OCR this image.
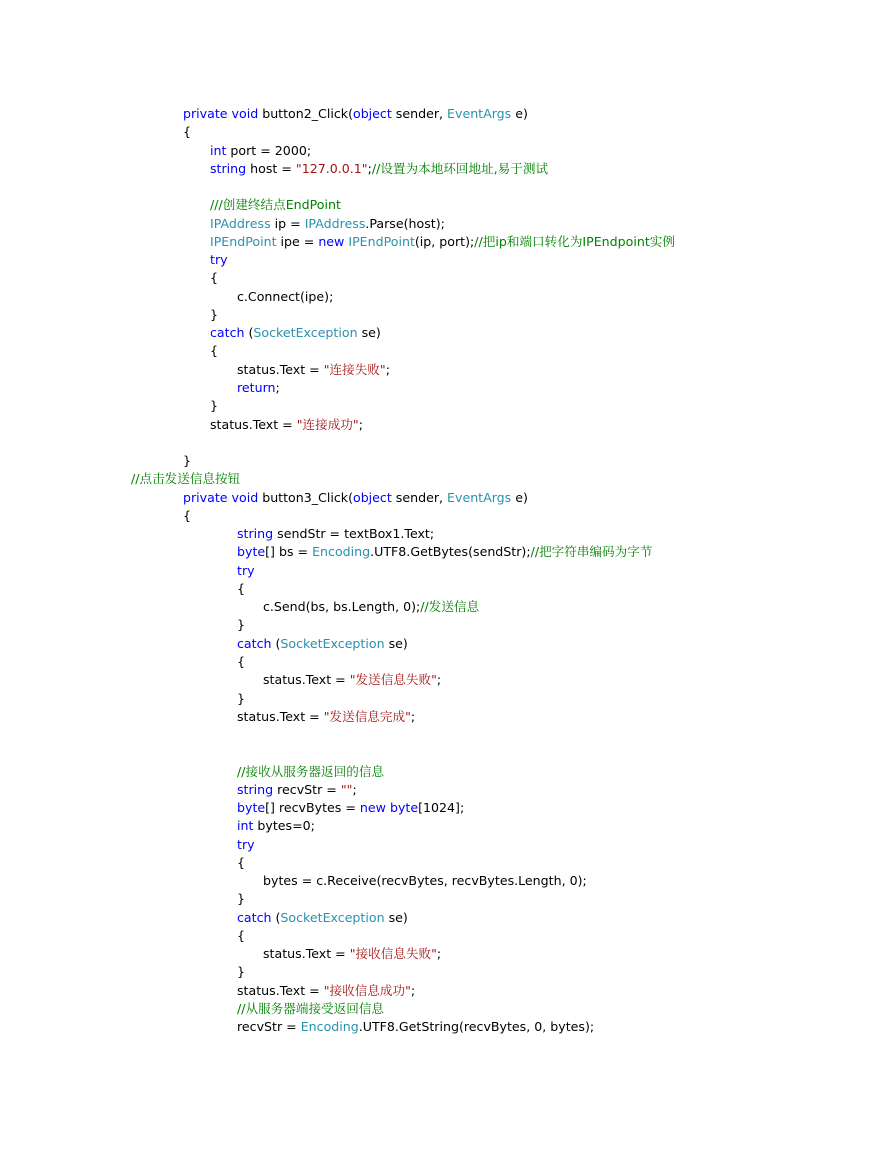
private void button2_Click(object sender, EventArgs e)
{
int port = 2000;
string host = "127.0.0.1";//设置为本地环回地址,易于测试
///创建终结点EndPoint
IPAddress ip = IPAddress.Parse(host);
IPEndPoint ipe = new IPEndPoint(ip, port);//把ip和端口转化为IPEndpoint实例
try
{
c.Connect(ipe);
}
catch (SocketException se)
{
status.Text = "连接失败";
return;
}
status.Text = "连接成功";
}
//点击发送信息按钮
private void button3_Click(object sender, EventArgs e)
{
string sendStr = textBox1.Text;
byte[] bs = Encoding.UTF8.GetBytes(sendStr);//把字符串编码为字节
try
{
c.Send(bs, bs.Length, 0);//发送信息
}
catch (SocketException se)
{
status.Text = "发送信息失败";
}
status.Text = "发送信息完成";
//接收从服务器返回的信息
string recvStr = "";
byte[] recvBytes = new byte[1024];
int bytes=0;
try
{
bytes = c.Receive(recvBytes, recvBytes.Length, 0);
}
catch (SocketException se)
{
status.Text = "接收信息失败";
}
status.Text = "接收信息成功";
//从服务器端接受返回信息
recvStr = Encoding.UTF8.GetString(recvBytes, 0, bytes);
